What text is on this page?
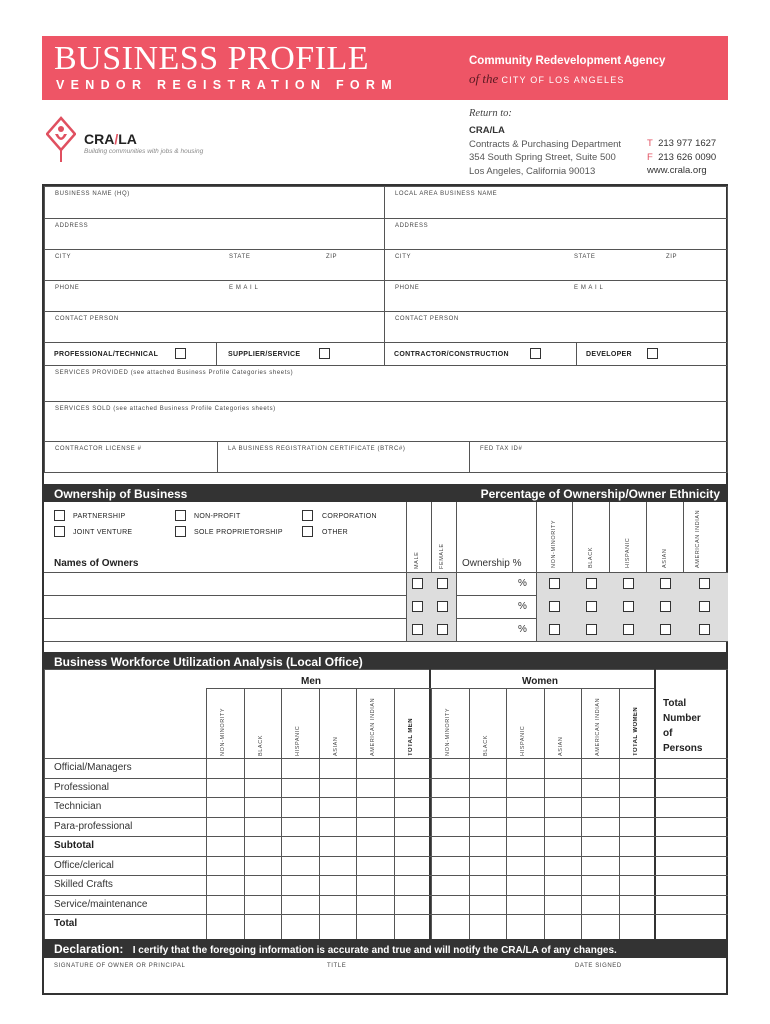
BUSINESS PROFILE
VENDOR REGISTRATION FORM
Community Redevelopment Agency
of the CITY OF LOS ANGELES
CRA/LA
Building communities with jobs & housing
Return to:
CRA/LA
Contracts & Purchasing Department
354 South Spring Street, Suite 500
Los Angeles, California 90013
T 213 977 1627
F 213 626 0090
www.crala.org
BUSINESS NAME (HQ)	LOCAL AREA BUSINESS NAME
ADDRESS	ADDRESS
CITY	STATE	ZIP	CITY	STATE	ZIP
PHONE	E M A I L	PHONE	E M A I L
CONTACT PERSON	CONTACT PERSON
PROFESSIONAL/TECHNICAL	SUPPLIER/SERVICE	CONTRACTOR/CONSTRUCTION	DEVELOPER
SERVICES PROVIDED (see attached Business Profile Categories sheets)
SERVICES SOLD (see attached Business Profile Categories sheets)
CONTRACTOR LICENSE #	LA BUSINESS REGISTRATION CERTIFICATE (BTRC#)	FED TAX ID#
Ownership of Business	Percentage of Ownership/Owner Ethnicity
PARTNERSHIP	NON-PROFIT	CORPORATION
JOINT VENTURE	SOLE PROPRIETORSHIP	OTHER
Names of Owners	MALE	FEMALE Ownership %	NON-MINORITY	BLACK	HISPANIC	ASIAN	AMERICAN INDIAN
%
%
%
Business Workforce Utilization Analysis (Local Office)
Men	Women
NON-MINORITY	BLACK	HISPANIC	ASIAN	AMERICAN INDIAN	TOTAL MEN	NON-MINORITY	BLACK	HISPANIC	ASIAN	AMERICAN INDIAN	TOTAL WOMEN
Total
Number
of
Persons
Official/Managers
Professional
Technician
Para-professional
Subtotal
Office/clerical
Skilled Crafts
Service/maintenance
Total
Declaration: I certify that the foregoing information is accurate and true and will notify the CRA/LA of any changes.
SIGNATURE OF OWNER OR PRINCIPAL	TITLE	DATE SIGNED
